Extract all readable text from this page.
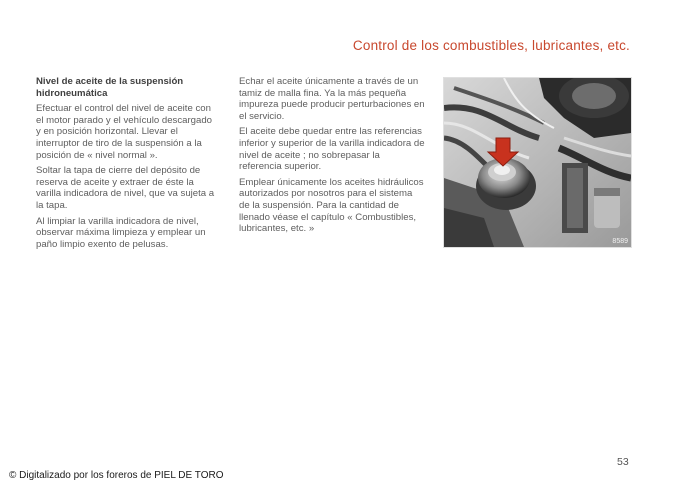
Control de los combustibles, lubricantes, etc.

Nivel de aceite de la suspensión hidroneumática

Efectuar el control del nivel de aceite con el motor parado y el vehículo descargado y en posición horizontal. Llevar el interruptor de tiro de la suspensión a la posición de « nivel normal ».

Soltar la tapa de cierre del depósito de reserva de aceite y extraer de éste la varilla indicadora de nivel, que va sujeta a la tapa.

Al limpiar la varilla indicadora de nivel, observar máxima limpieza y emplear un paño limpio exento de pelusas.

Echar el aceite únicamente a través de un tamiz de malla fina. Ya la más pequeña impureza puede producir perturbaciones en el servicio.

El aceite debe quedar entre las referencias inferior y superior de la varilla indicadora de nivel de aceite ; no sobrepasar la referencia superior.

Emplear únicamente los aceites hidráulicos autorizados por nosotros para el sistema de la suspensión. Para la cantidad de llenado véase el capítulo « Combustibles, lubricantes, etc. »

8589
53
© Digitalizado por los foreros de PIEL DE TORO
